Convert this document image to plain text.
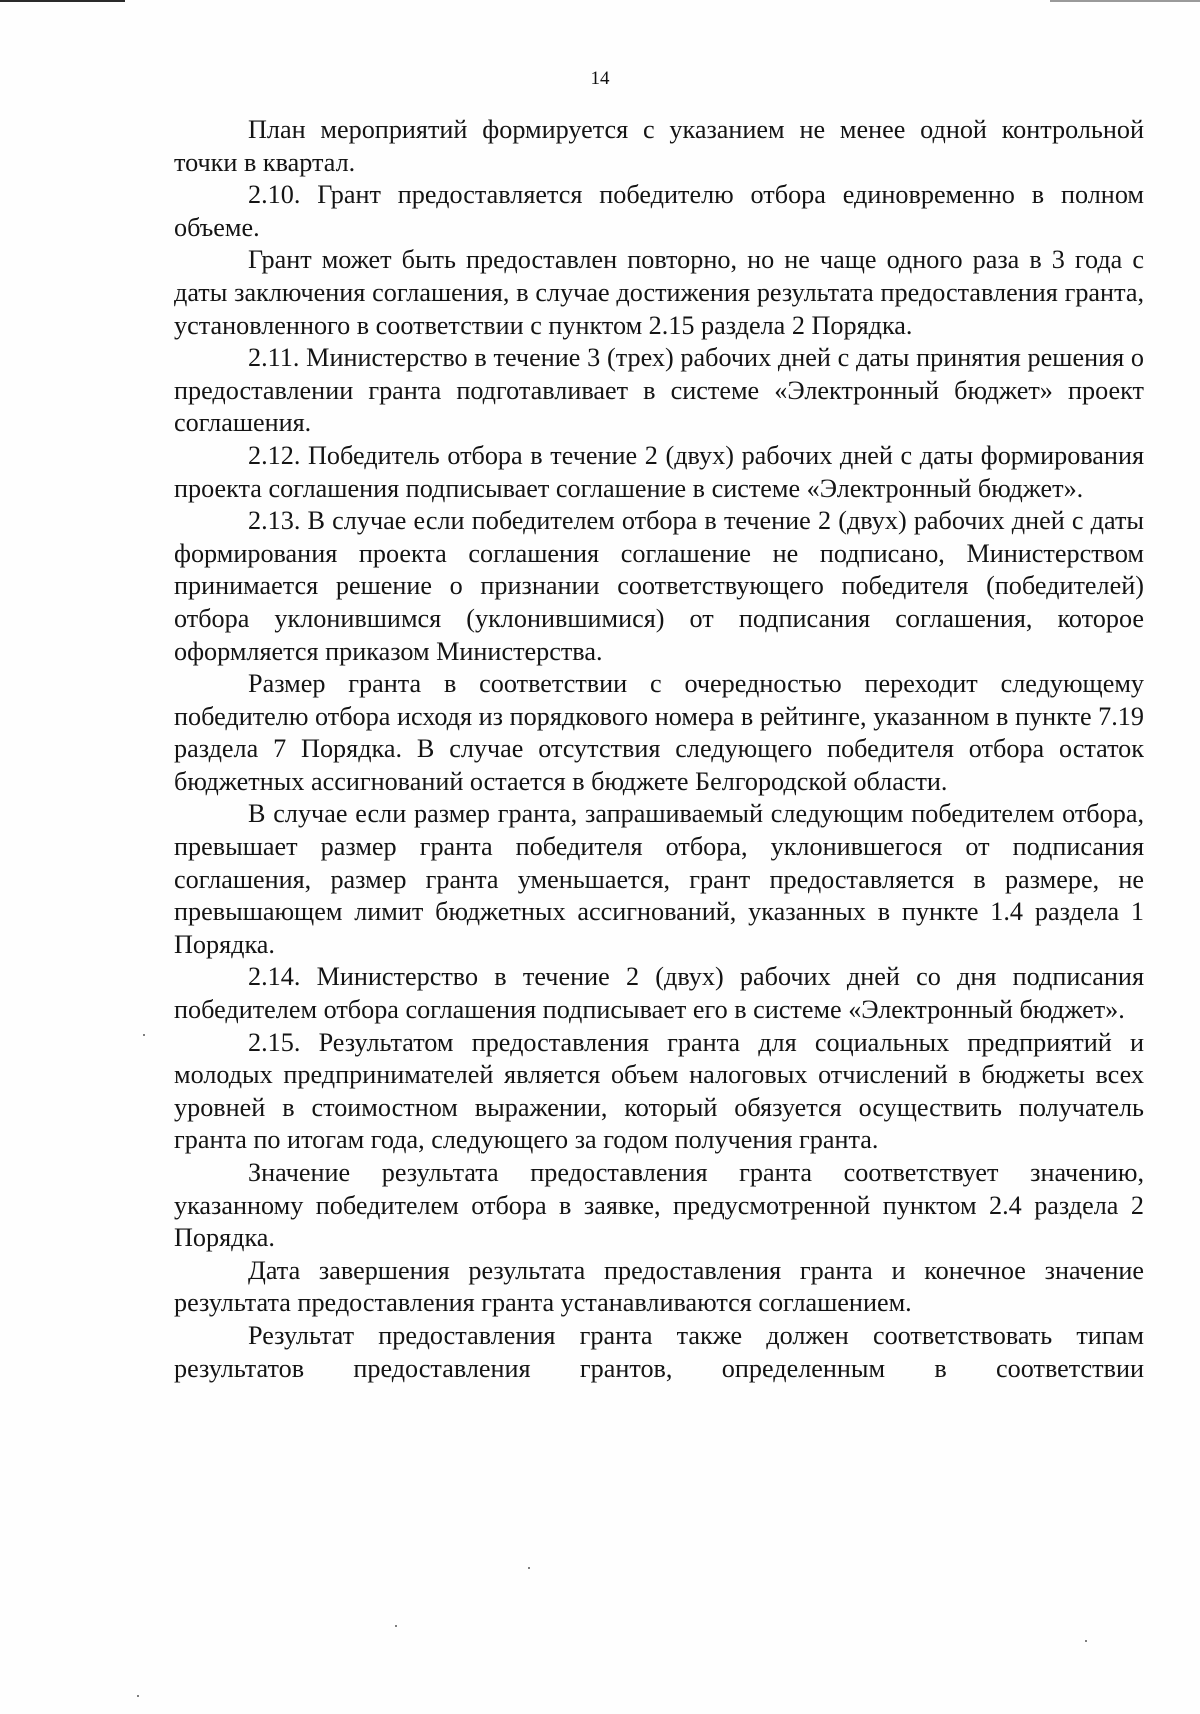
14

План мероприятий формируется с указанием не менее одной контрольной точки в квартал.

2.10. Грант предоставляется победителю отбора единовременно в полном объеме.

Грант может быть предоставлен повторно, но не чаще одного раза в 3 года с даты заключения соглашения, в случае достижения результата предоставления гранта, установленного в соответствии с пунктом 2.15 раздела 2 Порядка.

2.11. Министерство в течение 3 (трех) рабочих дней с даты принятия решения о предоставлении гранта подготавливает в системе «Электронный бюджет» проект соглашения.

2.12. Победитель отбора в течение 2 (двух) рабочих дней с даты формирования проекта соглашения подписывает соглашение в системе «Электронный бюджет».

2.13. В случае если победителем отбора в течение 2 (двух) рабочих дней с даты формирования проекта соглашения соглашение не подписано, Министерством принимается решение о признании соответствующего победителя (победителей) отбора уклонившимся (уклонившимися) от подписания соглашения, которое оформляется приказом Министерства.

Размер гранта в соответствии с очередностью переходит следующему победителю отбора исходя из порядкового номера в рейтинге, указанном в пункте 7.19 раздела 7 Порядка. В случае отсутствия следующего победителя отбора остаток бюджетных ассигнований остается в бюджете Белгородской области.

В случае если размер гранта, запрашиваемый следующим победителем отбора, превышает размер гранта победителя отбора, уклонившегося от подписания соглашения, размер гранта уменьшается, грант предоставляется в размере, не превышающем лимит бюджетных ассигнований, указанных в пункте 1.4 раздела 1 Порядка.

2.14. Министерство в течение 2 (двух) рабочих дней со дня подписания победителем отбора соглашения подписывает его в системе «Электронный бюджет».

2.15. Результатом предоставления гранта для социальных предприятий и молодых предпринимателей является объем налоговых отчислений в бюджеты всех уровней в стоимостном выражении, который обязуется осуществить получатель гранта по итогам года, следующего за годом получения гранта.

Значение результата предоставления гранта соответствует значению, указанному победителем отбора в заявке, предусмотренной пунктом 2.4 раздела 2 Порядка.

Дата завершения результата предоставления гранта и конечное значение результата предоставления гранта устанавливаются соглашением.

Результат предоставления гранта также должен соответствовать типам результатов предоставления грантов, определенным в соответствии
